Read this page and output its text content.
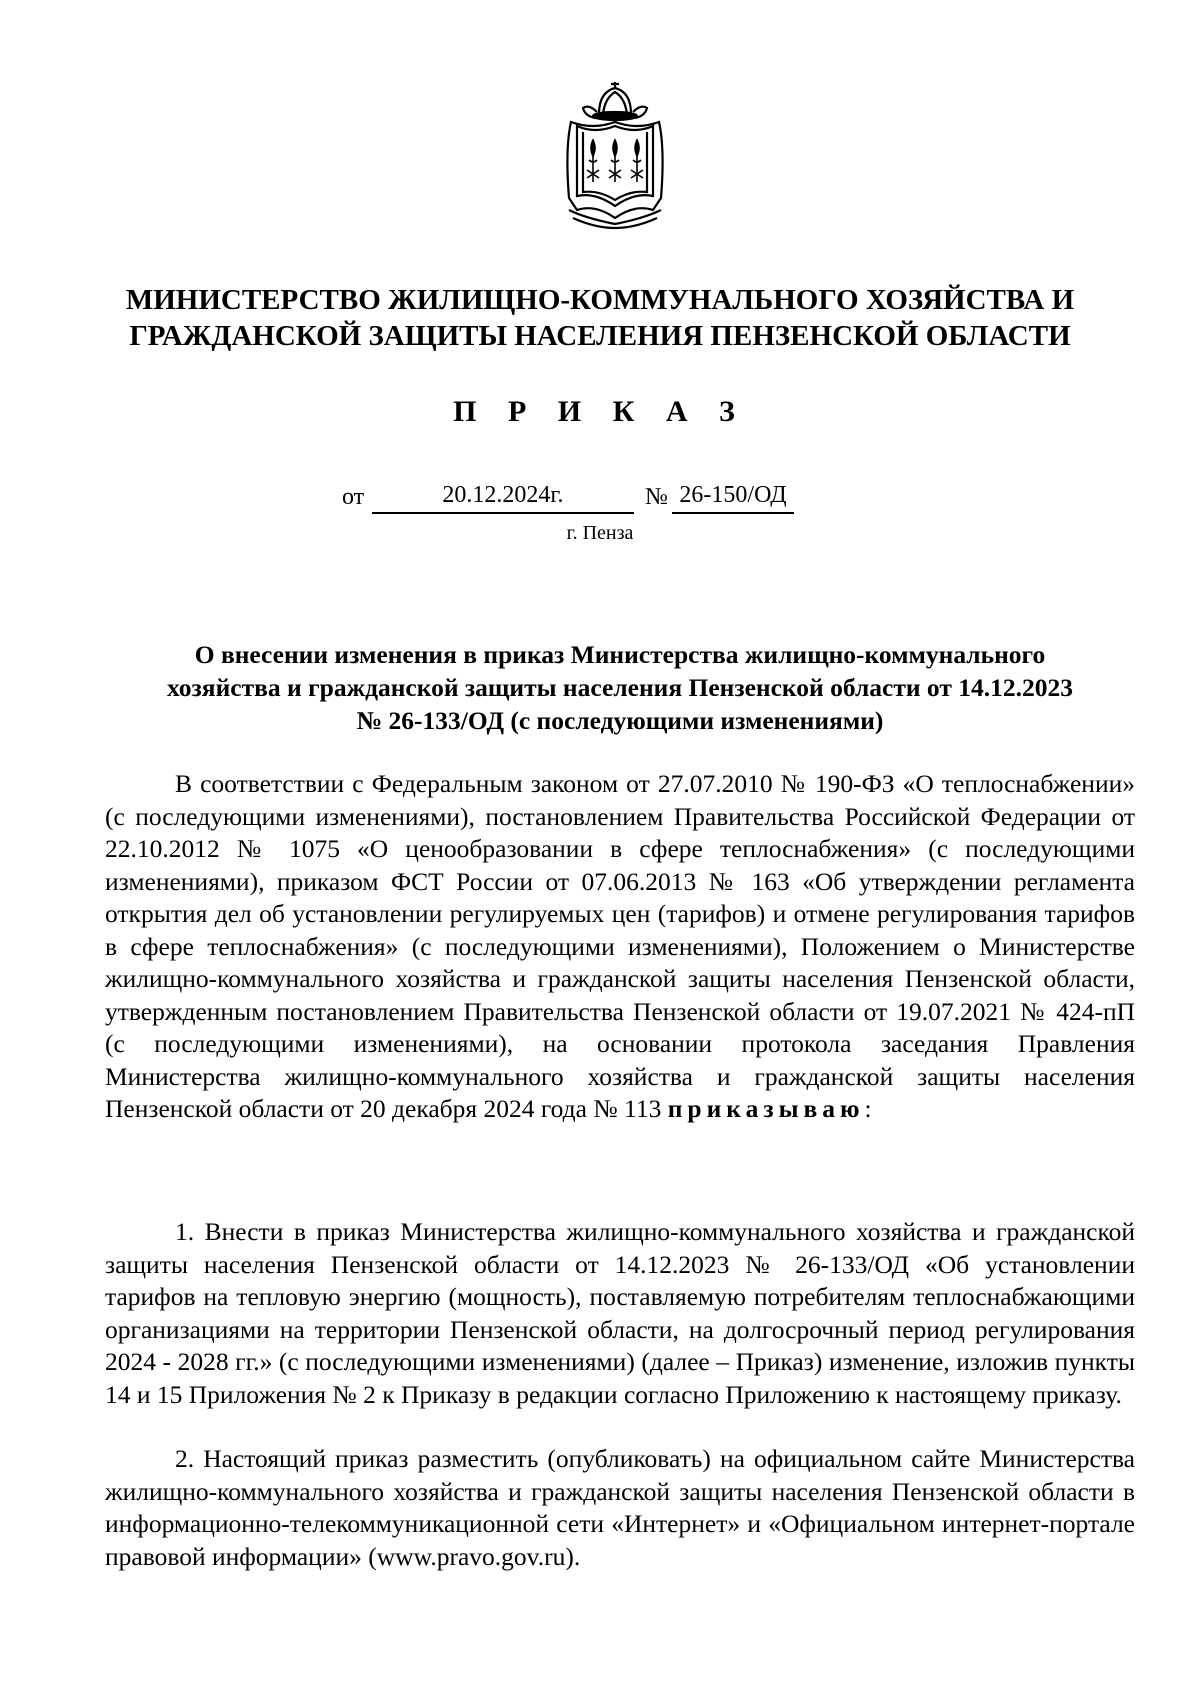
МИНИСТЕРСТВО ЖИЛИЩНО-КОММУНАЛЬНОГО ХОЗЯЙСТВА И
ГРАЖДАНСКОЙ ЗАЩИТЫ НАСЕЛЕНИЯ ПЕНЗЕНСКОЙ ОБЛАСТИ
П Р И К А З
от	20.12.2024г.	№ 26-150/ОД
г. Пенза
О внесении изменения в приказ Министерства жилищно-коммунального
хозяйства и гражданской защиты населения Пензенской области от 14.12.2023
№ 26-133/ОД (с последующими изменениями)

В соответствии с Федеральным законом от 27.07.2010 № 190-ФЗ «О теплоснабжении» (с последующими изменениями), постановлением Правительства Российской Федерации от 22.10.2012 № 1075 «О ценообразовании в сфере теплоснабжения» (с последующими изменениями), приказом ФСТ России от 07.06.2013 № 163 «Об утверждении регламента открытия дел об установлении регулируемых цен (тарифов) и отмене регулирования тарифов в сфере теплоснабжения» (с последующими изменениями), Положением о Министерстве жилищно-коммунального хозяйства и гражданской защиты населения Пензенской области, утвержденным постановлением Правительства Пензенской области от 19.07.2021 № 424-пП (с последующими изменениями), на основании протокола заседания Правления Министерства жилищно-коммунального хозяйства и гражданской защиты населения Пензенской области от 20 декабря 2024 года № 113 приказываю:

1. Внести в приказ Министерства жилищно-коммунального хозяйства и гражданской защиты населения Пензенской области от 14.12.2023 № 26-133/ОД «Об установлении тарифов на тепловую энергию (мощность), поставляемую потребителям теплоснабжающими организациями на территории Пензенской области, на долгосрочный период регулирования 2024 - 2028 гг.» (с последующими изменениями) (далее – Приказ) изменение, изложив пункты 14 и 15 Приложения № 2 к Приказу в редакции согласно Приложению к настоящему приказу.

2. Настоящий приказ разместить (опубликовать) на официальном сайте Министерства жилищно-коммунального хозяйства и гражданской защиты населения Пензенской области в информационно-телекоммуникационной сети «Интернет» и «Официальном интернет-портале правовой информации» (www.pravo.gov.ru).
